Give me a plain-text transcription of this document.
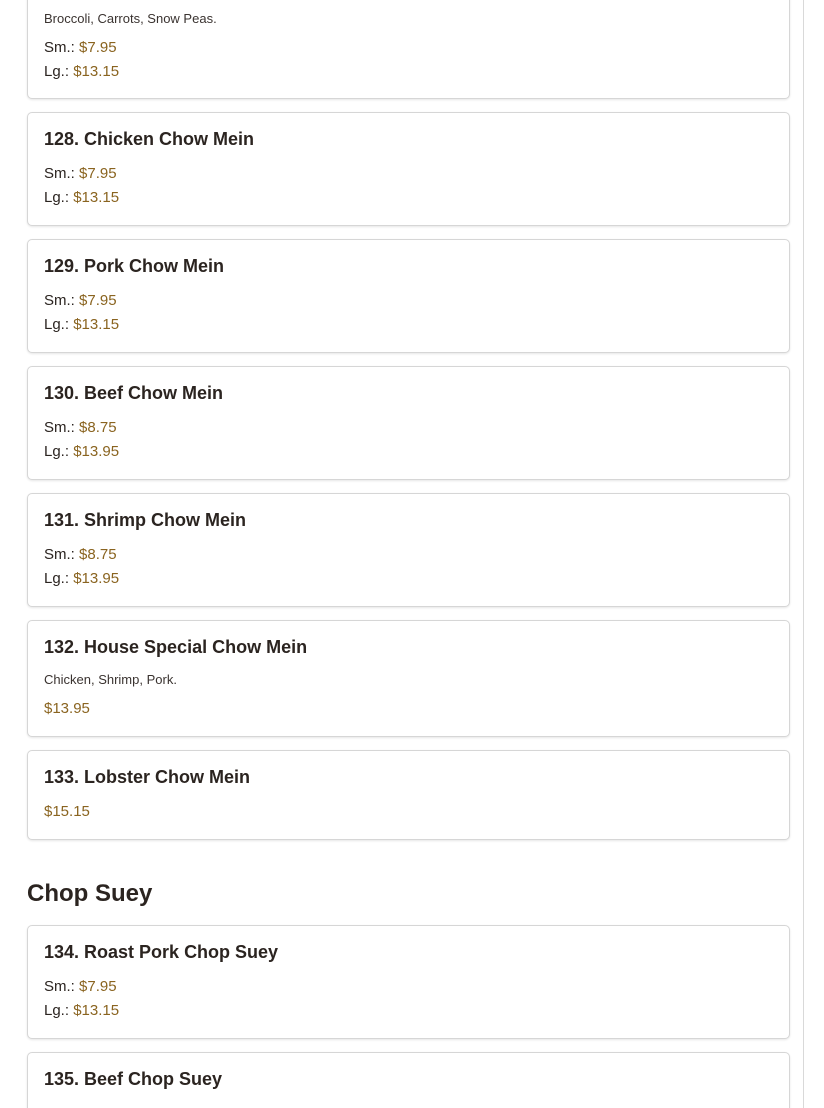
Broccoli, Carrots, Snow Peas.
Sm.: $7.95
Lg.: $13.15
128. Chicken Chow Mein
Sm.: $7.95
Lg.: $13.15
129. Pork Chow Mein
Sm.: $7.95
Lg.: $13.15
130. Beef Chow Mein
Sm.: $8.75
Lg.: $13.95
131. Shrimp Chow Mein
Sm.: $8.75
Lg.: $13.95
132. House Special Chow Mein
Chicken, Shrimp, Pork.
$13.95
133. Lobster Chow Mein
$15.15
Chop Suey
134. Roast Pork Chop Suey
Sm.: $7.95
Lg.: $13.15
135. Beef Chop Suey
